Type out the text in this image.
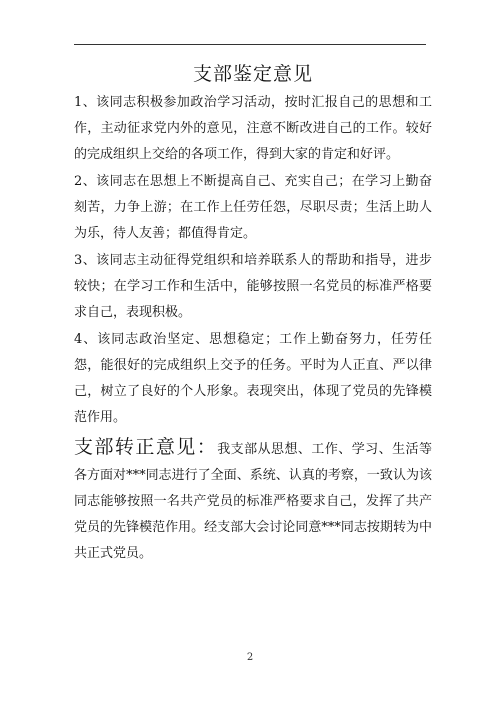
支部鉴定意见

1、该同志积极参加政治学习活动，按时汇报自己的思想和工作，主动征求党内外的意见，注意不断改进自己的工作。较好的完成组织上交给的各项工作，得到大家的肯定和好评。

2、该同志在思想上不断提高自己、充实自己；在学习上勤奋刻苦，力争上游；在工作上任劳任怨，尽职尽责；生活上助人为乐，待人友善；都值得肯定。

3、该同志主动征得党组织和培养联系人的帮助和指导，进步较快；在学习工作和生活中，能够按照一名党员的标准严格要求自己，表现积极。

4、该同志政治坚定、思想稳定；工作上勤奋努力，任劳任怨，能很好的完成组织上交予的任务。平时为人正直、严以律己，树立了良好的个人形象。表现突出，体现了党员的先锋模范作用。

支部转正意见：我支部从思想、工作、学习、生活等各方面对***同志进行了全面、系统、认真的考察，一致认为该同志能够按照一名共产党员的标准严格要求自己，发挥了共产党员的先锋模范作用。经支部大会讨论同意***同志按期转为中共正式党员。
2
